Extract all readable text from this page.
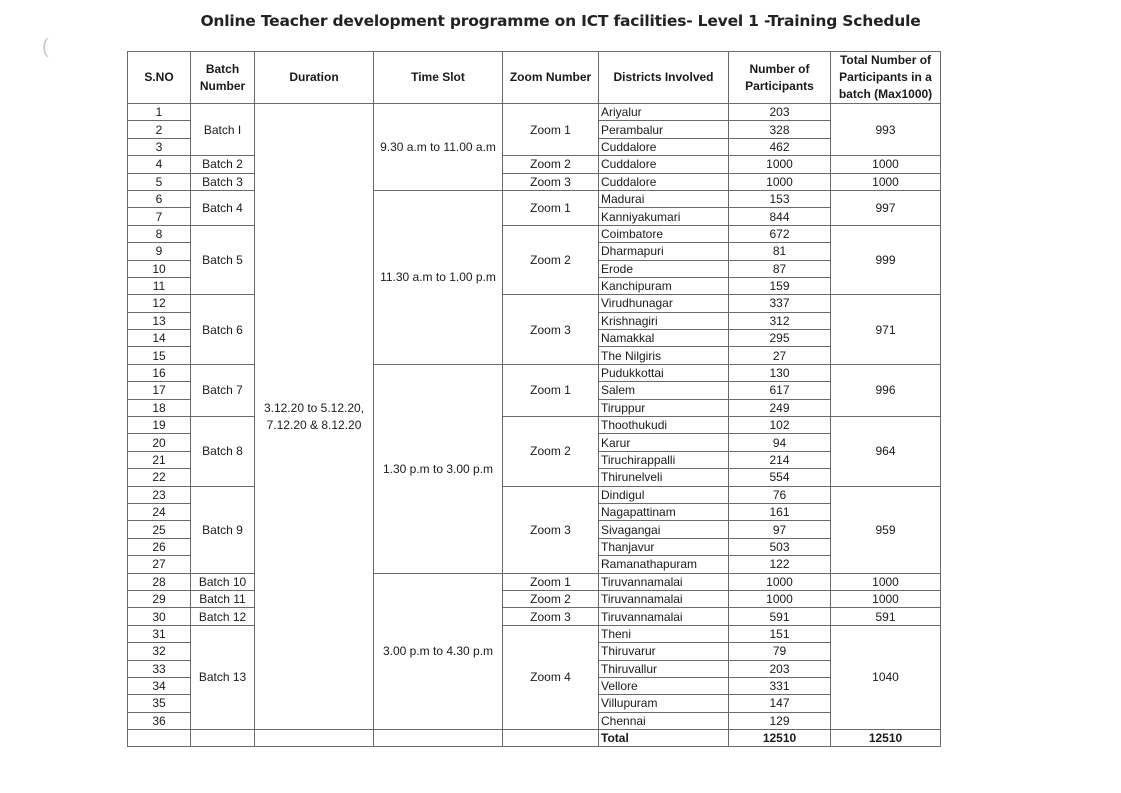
(
Online Teacher development programme on ICT facilities- Level 1 -Training Schedule
S.NO	Batch Number	Duration	Time Slot	Zoom Number	Districts Involved	Number of Participants	Total Number of Participants in a batch (Max1000)
1	Batch I	3.12.20 to 5.12.20, 7.12.20 & 8.12.20	9.30 a.m to 11.00 a.m	Zoom 1	Ariyalur	203	993
2					Perambalur	328	
3					Cuddalore	462	
4	Batch 2			Zoom 2	Cuddalore	1000	1000
5	Batch 3			Zoom 3	Cuddalore	1000	1000
6	Batch 4		11.30 a.m to 1.00 p.m	Zoom 1	Madurai	153	997
7					Kanniyakumari	844	
8	Batch 5			Zoom 2	Coimbatore	672	999
9					Dharmapuri	81	
10					Erode	87	
11					Kanchipuram	159	
12	Batch 6			Zoom 3	Virudhunagar	337	971
13					Krishnagiri	312	
14					Namakkal	295	
15					The Nilgiris	27	
16	Batch 7		1.30 p.m to 3.00 p.m	Zoom 1	Pudukkottai	130	996
17					Salem	617	
18					Tiruppur	249	
19	Batch 8			Zoom 2	Thoothukudi	102	964
20					Karur	94	
21					Tiruchirappalli	214	
22					Thirunelveli	554	
23	Batch 9			Zoom 3	Dindigul	76	959
24					Nagapattinam	161	
25					Sivagangai	97	
26					Thanjavur	503	
27					Ramanathapuram	122	
28	Batch 10		3.00 p.m to 4.30 p.m	Zoom 1	Tiruvannamalai	1000	1000
29	Batch 11			Zoom 2	Tiruvannamalai	1000	1000
30	Batch 12			Zoom 3	Tiruvannamalai	591	591
31	Batch 13			Zoom 4	Theni	151	1040
32					Thiruvarur	79	
33					Thiruvallur	203	
34					Vellore	331	
35					Villupuram	147	
36					Chennai	129	
					Total	12510	12510
